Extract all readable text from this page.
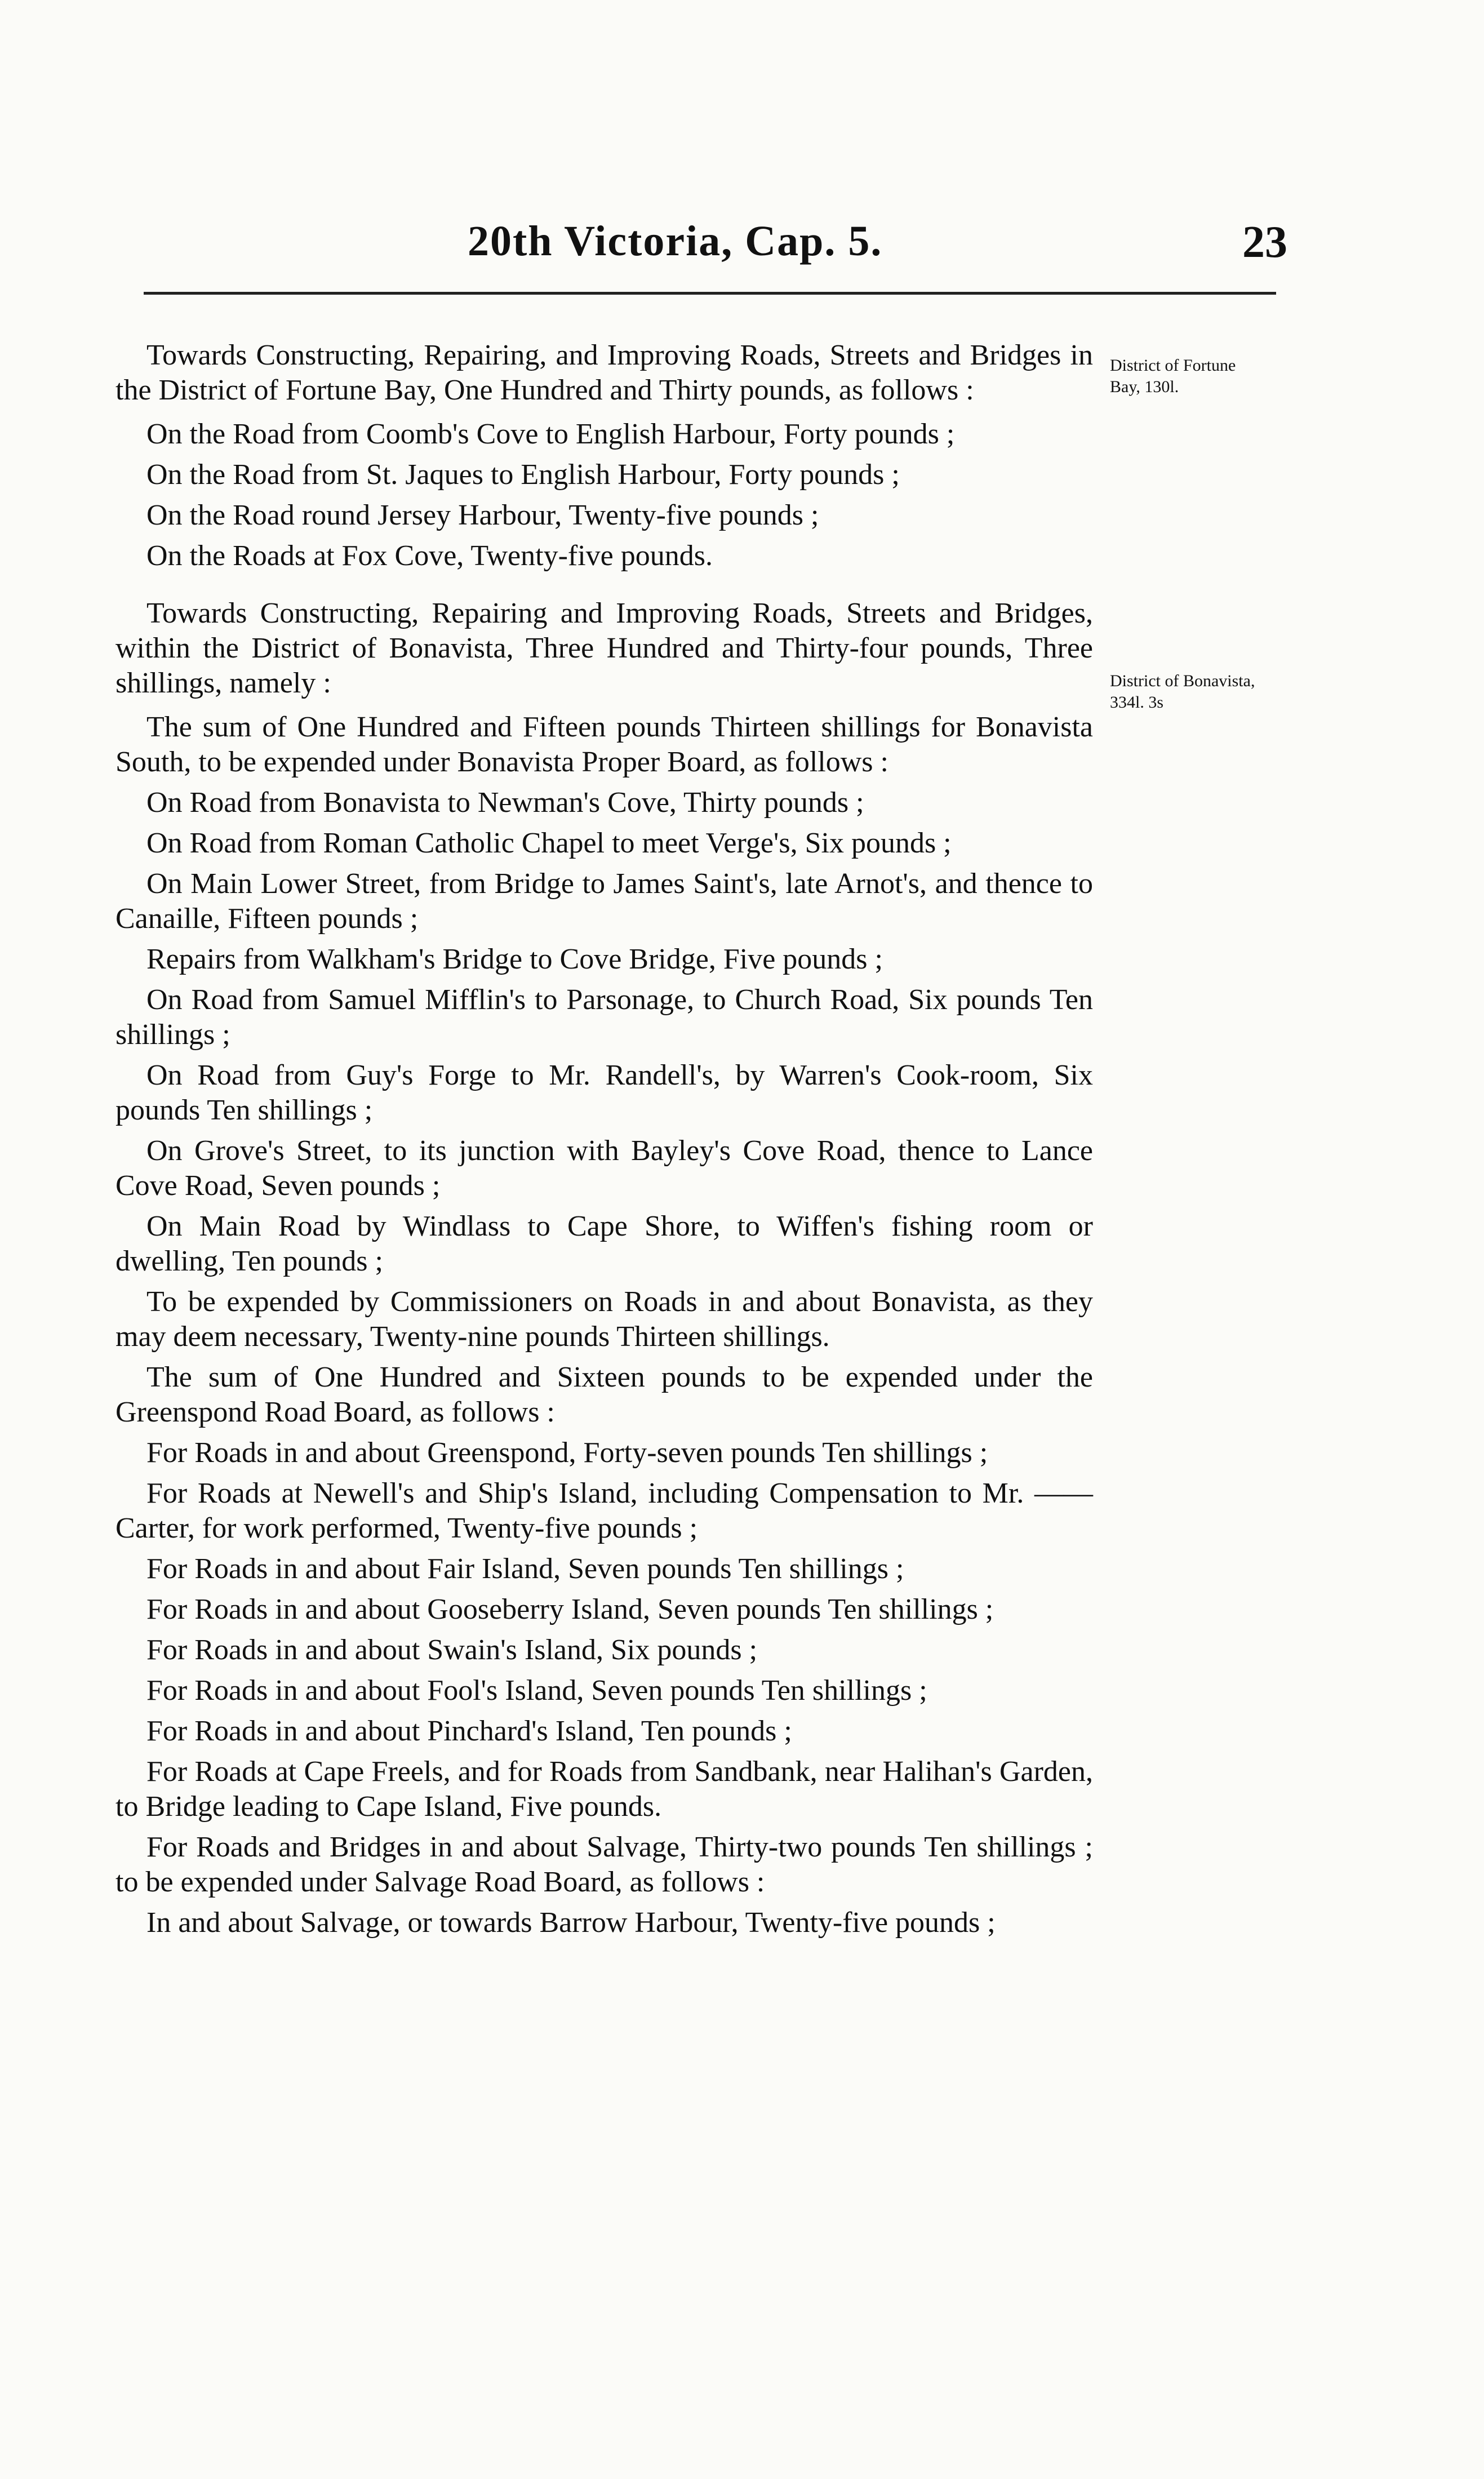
20th Victoria, Cap. 5.	23
District of Fortune
Bay, 130l.
District of Bonavista,
334l. 3s

Towards Constructing, Repairing, and Improving Roads, Streets and Bridges in the District of Fortune Bay, One Hundred and Thirty pounds, as follows :

On the Road from Coomb's Cove to English Harbour, Forty pounds ;

On the Road from St. Jaques to English Harbour, Forty pounds ;

On the Road round Jersey Harbour, Twenty-five pounds ;

On the Roads at Fox Cove, Twenty-five pounds.

Towards Constructing, Repairing and Improving Roads, Streets and Bridges, within the District of Bonavista, Three Hundred and Thirty-four pounds, Three shillings, namely :

The sum of One Hundred and Fifteen pounds Thirteen shillings for Bonavista South, to be expended under Bonavista Proper Board, as follows :

On Road from Bonavista to Newman's Cove, Thirty pounds ;

On Road from Roman Catholic Chapel to meet Verge's, Six pounds ;

On Main Lower Street, from Bridge to James Saint's, late Arnot's, and thence to Canaille, Fifteen pounds ;

Repairs from Walkham's Bridge to Cove Bridge, Five pounds ;

On Road from Samuel Mifflin's to Parsonage, to Church Road, Six pounds Ten shillings ;

On Road from Guy's Forge to Mr. Randell's, by Warren's Cook-room, Six pounds Ten shillings ;

On Grove's Street, to its junction with Bayley's Cove Road, thence to Lance Cove Road, Seven pounds ;

On Main Road by Windlass to Cape Shore, to Wiffen's fishing room or dwelling, Ten pounds ;

To be expended by Commissioners on Roads in and about Bonavista, as they may deem necessary, Twenty-nine pounds Thirteen shillings.

The sum of One Hundred and Sixteen pounds to be expended under the Greenspond Road Board, as follows :

For Roads in and about Greenspond, Forty-seven pounds Ten shillings ;

For Roads at Newell's and Ship's Island, including Compensation to Mr. —— Carter, for work performed, Twenty-five pounds ;

For Roads in and about Fair Island, Seven pounds Ten shillings ;

For Roads in and about Gooseberry Island, Seven pounds Ten shillings ;

For Roads in and about Swain's Island, Six pounds ;

For Roads in and about Fool's Island, Seven pounds Ten shillings ;

For Roads in and about Pinchard's Island, Ten pounds ;

For Roads at Cape Freels, and for Roads from Sandbank, near Halihan's Garden, to Bridge leading to Cape Island, Five pounds.

For Roads and Bridges in and about Salvage, Thirty-two pounds Ten shillings ; to be expended under Salvage Road Board, as follows :

In and about Salvage, or towards Barrow Harbour, Twenty-five pounds ;
